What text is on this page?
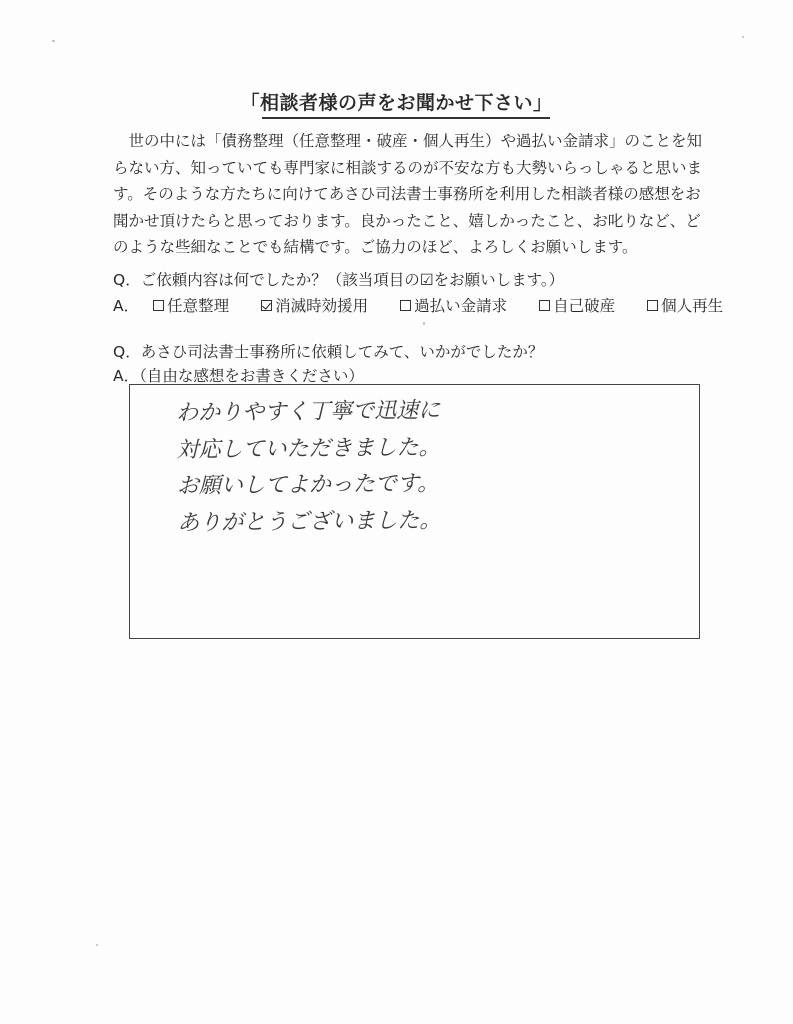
「相談者様の声をお聞かせ下さい」

世の中には「債務整理（任意整理・破産・個人再生）や過払い金請求」のことを知らない方、知っていても専門家に相談するのが不安な方も大勢いらっしゃると思います。そのような方たちに向けてあさひ司法書士事務所を利用した相談者様の感想をお聞かせ頂けたらと思っております。良かったこと、嬉しかったこと、お叱りなど、どのような些細なことでも結構です。ご協力のほど、よろしくお願いします。

Q．ご依頼内容は何でしたか？（該当項目の☑をお願いします。）
A． 任意整理	消滅時効援用	過払い金請求	自己破産	個人再生
Q．あさひ司法書士事務所に依頼してみて、いかがでしたか？
A．（自由な感想をお書きください）
わかりやすく丁寧で迅速に
対応していただきました。
お願いしてよかったです。
ありがとうございました。
